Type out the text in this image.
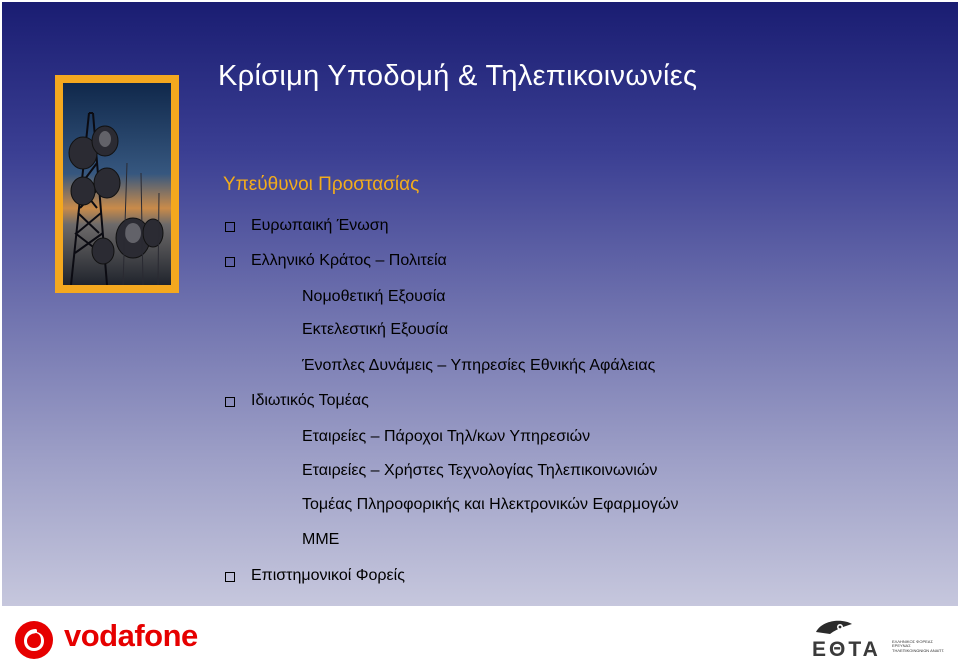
Κρίσιμη Υποδομή & Τηλεπικοινωνίες
Υπεύθυνοι Προστασίας
Ευρωπαική Ένωση
Ελληνικό Κράτος – Πολιτεία
Νομοθετική Εξουσία
Εκτελεστική Εξουσία
Ένοπλες Δυνάμεις – Υπηρεσίες Εθνικής Αφάλειας
Ιδιωτικός Τομέας
Εταιρείες – Πάροχοι Τηλ/κων Υπηρεσιών
Εταιρείες – Χρήστες Τεχνολογίας Τηλεπικοινωνιών
Τομέας Πληροφορικής και Ηλεκτρονικών Εφαρμογών
ΜΜΕ
Επιστημονικοί Φορείς
vodafone	ΕΘΤΑ	ΕΛΛΗΝΙΚΟΣ ΦΟΡΕΑΣ ΕΡΕΥΝΑΣ ΤΗΛΕΠΙΚΟΙΝΩΝΙΩΝ ΑΝΑΠΤ.
